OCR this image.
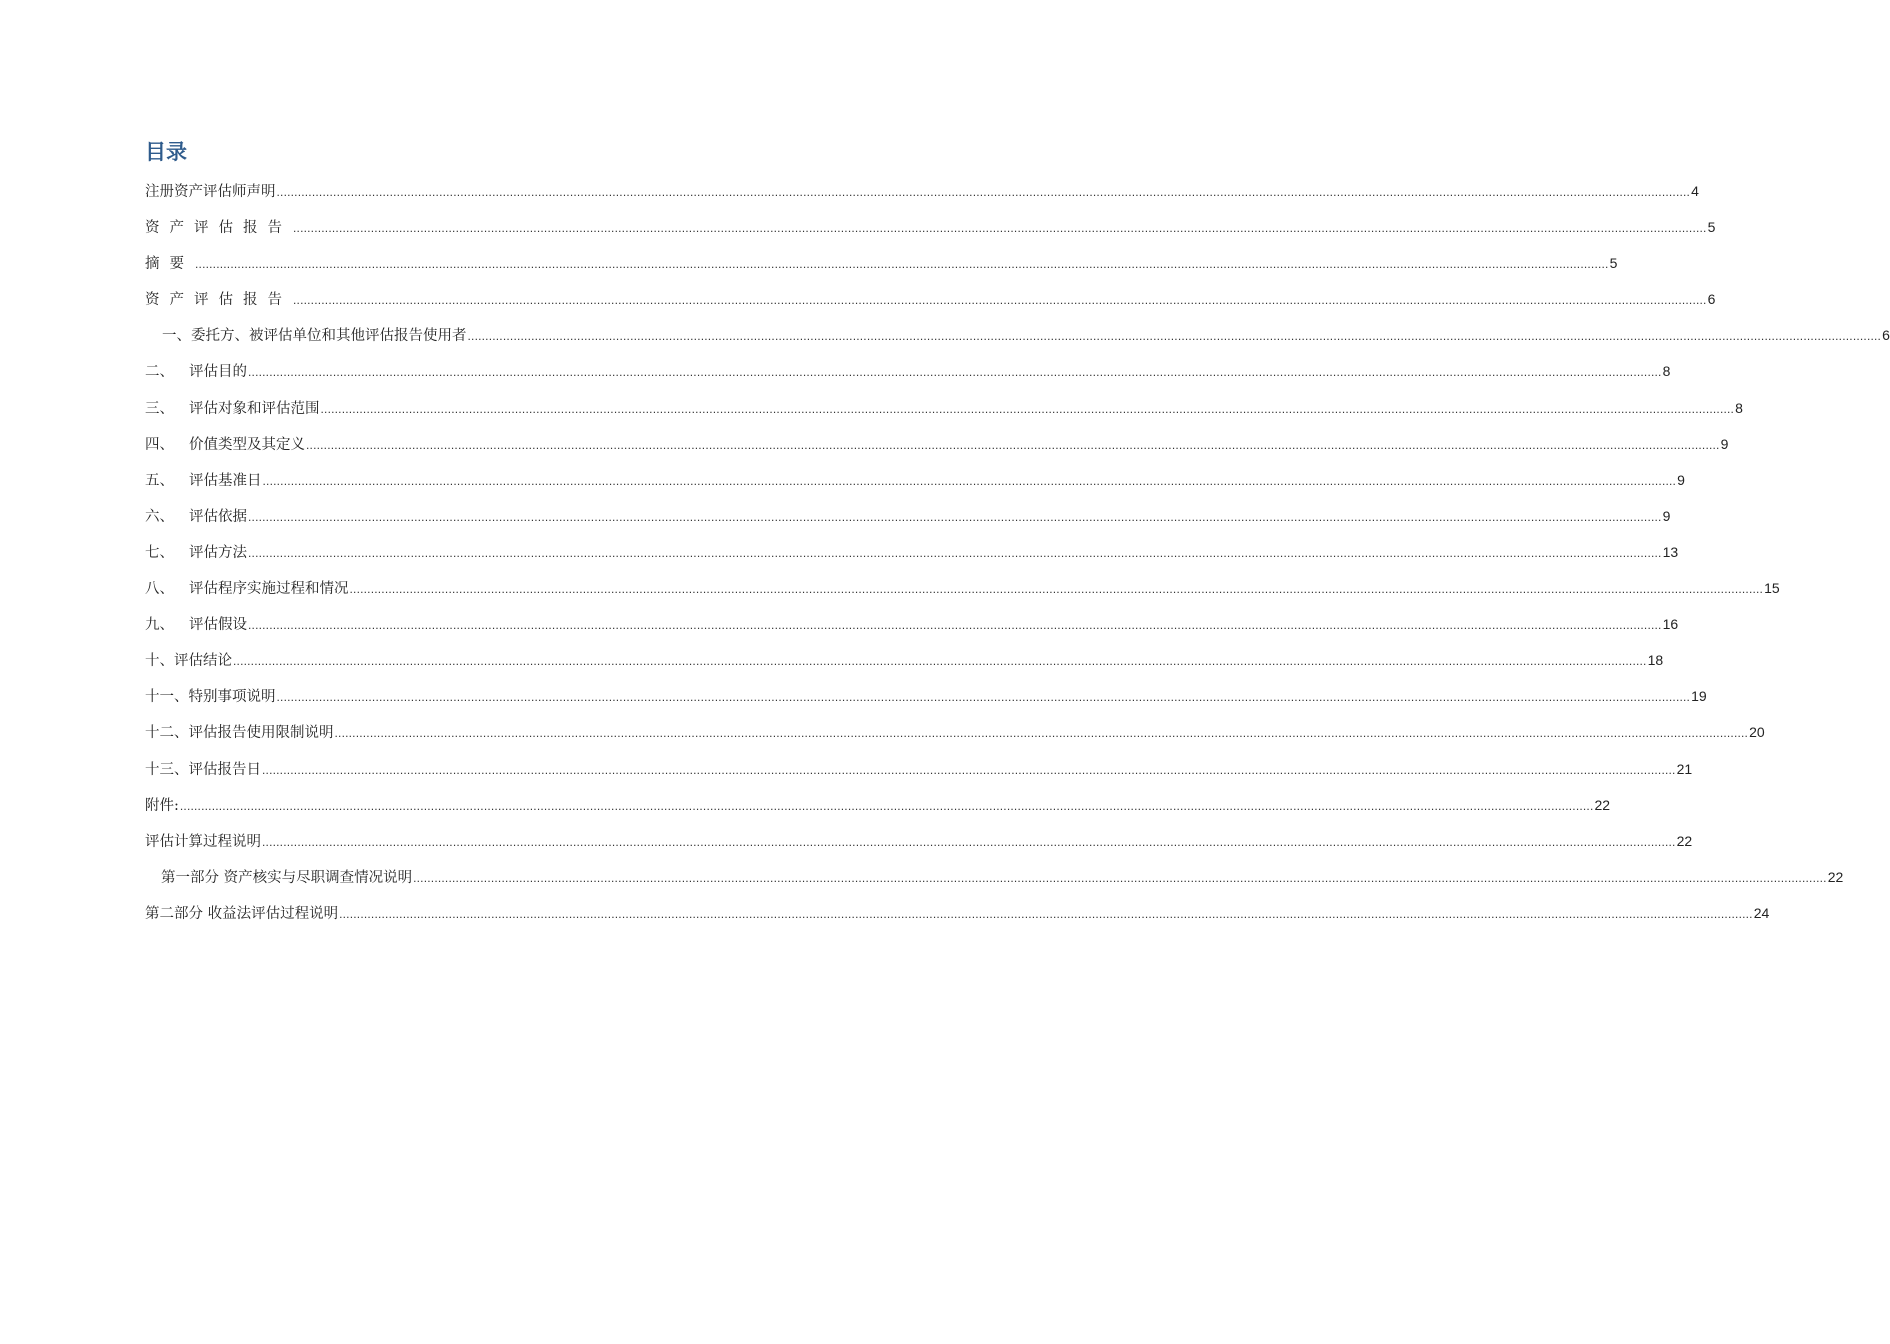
目录
注册资产评估师声明 ................................................................................................................................................................................................................................................................................................................................................................................................................ 4
资产评估报告 ................................................................................................................................................................................................................................................................................................................................................................................................................ 5
摘要 ................................................................................................................................................................................................................................................................................................................................................................................................................ 5
资产评估报告 ................................................................................................................................................................................................................................................................................................................................................................................................................ 6
一、委托方、被评估单位和其他评估报告使用者 ................................................................................................................................................................................................................................................................................................................................................................................................................ 6
二、	评估目的 ................................................................................................................................................................................................................................................................................................................................................................................................................ 8
三、	评估对象和评估范围 ................................................................................................................................................................................................................................................................................................................................................................................................................ 8
四、	价值类型及其定义 ................................................................................................................................................................................................................................................................................................................................................................................................................ 9
五、	评估基准日 ................................................................................................................................................................................................................................................................................................................................................................................................................ 9
六、	评估依据 ................................................................................................................................................................................................................................................................................................................................................................................................................ 9
七、	评估方法 ................................................................................................................................................................................................................................................................................................................................................................................................................ 13
八、	评估程序实施过程和情况 ................................................................................................................................................................................................................................................................................................................................................................................................................ 15
九、	评估假设 ................................................................................................................................................................................................................................................................................................................................................................................................................ 16
十、评估结论 ................................................................................................................................................................................................................................................................................................................................................................................................................ 18
十一、特别事项说明 ................................................................................................................................................................................................................................................................................................................................................................................................................ 19
十二、评估报告使用限制说明 ................................................................................................................................................................................................................................................................................................................................................................................................................ 20
十三、评估报告日 ................................................................................................................................................................................................................................................................................................................................................................................................................ 21
附件: ................................................................................................................................................................................................................................................................................................................................................................................................................ 22
评估计算过程说明 ................................................................................................................................................................................................................................................................................................................................................................................................................ 22
第一部分 资产核实与尽职调查情况说明 ................................................................................................................................................................................................................................................................................................................................................................................................................ 22
第二部分 收益法评估过程说明 ................................................................................................................................................................................................................................................................................................................................................................................................................ 24
